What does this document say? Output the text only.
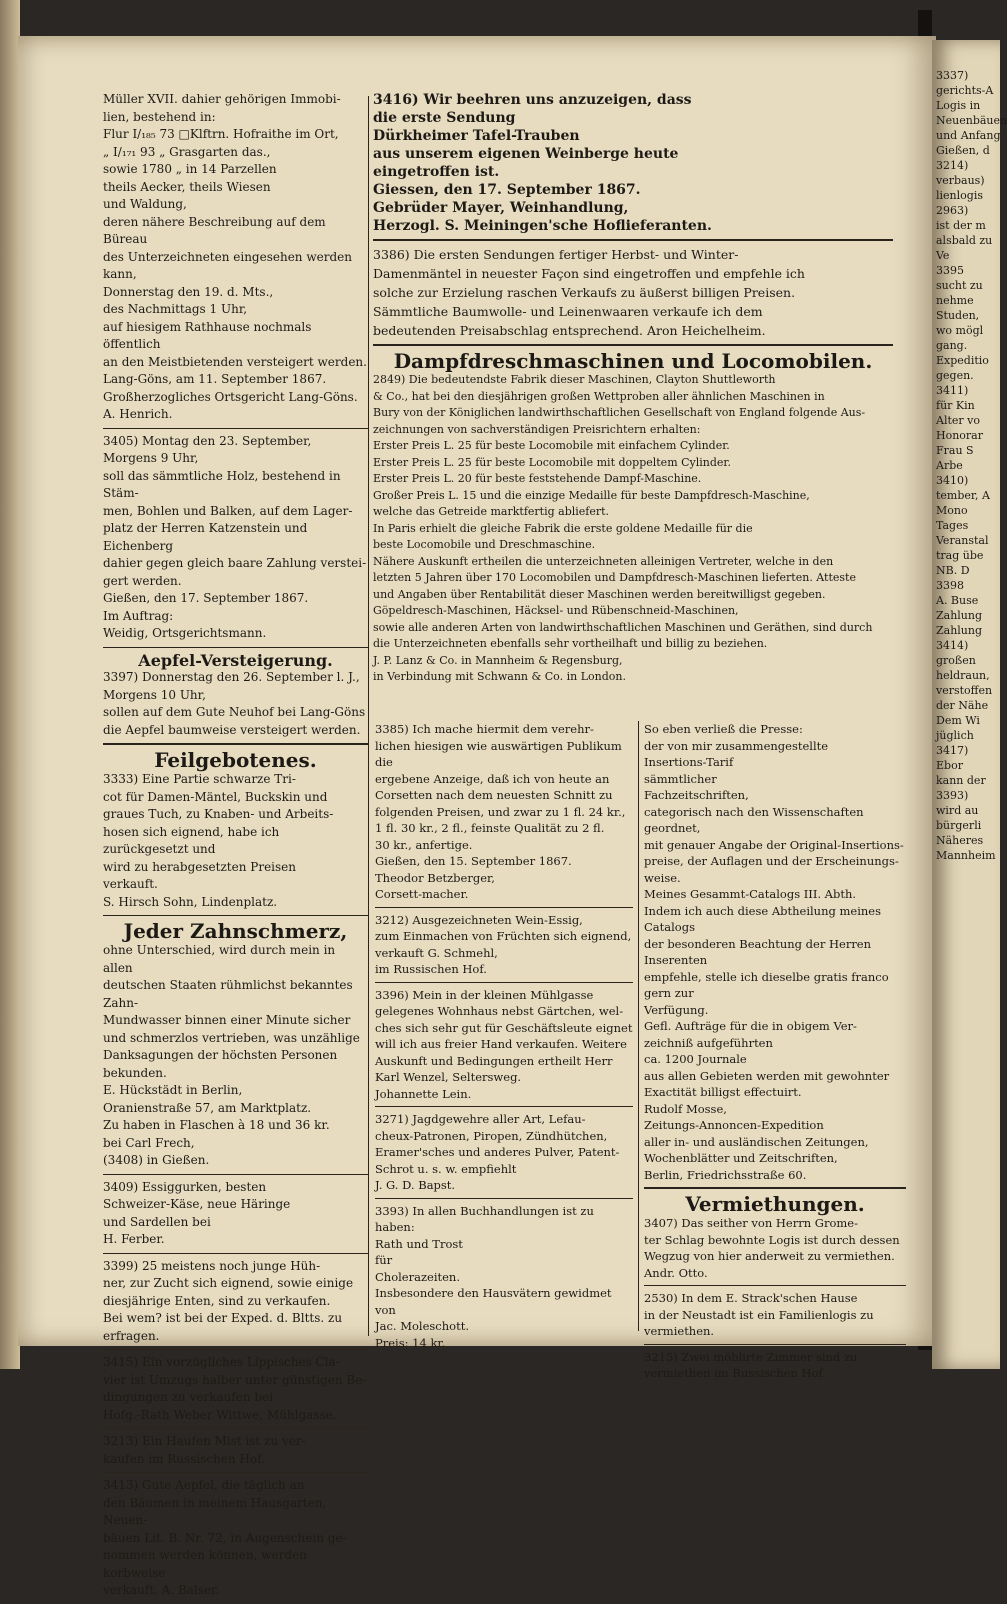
Müller XVII. dahier gehörigen Immobi-
lien, bestehend in:
Flur I/₁₈₅ 73 □Klftrn. Hofraithe im Ort,
„ I/₁₇₁ 93 „ Grasgarten das.,
sowie 1780 „ in 14 Parzellen
theils Aecker, theils Wiesen
und Waldung,
deren nähere Beschreibung auf dem Büreau
des Unterzeichneten eingesehen werden kann,
Donnerstag den 19. d. Mts.,
des Nachmittags 1 Uhr,
auf hiesigem Rathhause nochmals öffentlich
an den Meistbietenden versteigert werden.
Lang-Göns, am 11. September 1867.
Großherzogliches Ortsgericht Lang-Göns.
A. Henrich.
3405) Montag den 23. September,
Morgens 9 Uhr,
soll das sämmtliche Holz, bestehend in Stäm-
men, Bohlen und Balken, auf dem Lager-
platz der Herren Katzenstein und Eichenberg
dahier gegen gleich baare Zahlung verstei-
gert werden.
Gießen, den 17. September 1867.
Im Auftrag:
Weidig, Ortsgerichtsmann.

Aepfel-Versteigerung.

3397) Donnerstag den 26. September l. J.,
Morgens 10 Uhr,
sollen auf dem Gute Neuhof bei Lang-Göns
die Aepfel baumweise versteigert werden.

Feilgebotenes.

3333) Eine Partie schwarze Tri-
cot für Damen-Mäntel, Buckskin und
graues Tuch, zu Knaben- und Arbeits-
hosen sich eignend, habe ich zurückgesetzt und
wird zu herabgesetzten Preisen
verkauft.
S. Hirsch Sohn, Lindenplatz.

Jeder Zahnschmerz,

ohne Unterschied, wird durch mein in allen
deutschen Staaten rühmlichst bekanntes Zahn-
Mundwasser binnen einer Minute sicher
und schmerzlos vertrieben, was unzählige
Danksagungen der höchsten Personen bekunden.
E. Hückstädt in Berlin,
Oranienstraße 57, am Marktplatz.
Zu haben in Flaschen à 18 und 36 kr.
bei Carl Frech,
(3408) in Gießen.
3409) Essiggurken, besten
Schweizer-Käse, neue Häringe
und Sardellen bei
H. Ferber.
3399) 25 meistens noch junge Hüh-
ner, zur Zucht sich eignend, sowie einige
diesjährige Enten, sind zu verkaufen.
Bei wem? ist bei der Exped. d. Bltts. zu
erfragen.
3415) Ein vorzügliches Lippisches Cla-
vier ist Umzugs halber unter günstigen Be-
dingungen zu verkaufen bei
Hofg.-Rath Weber Wittwe, Mühlgasse.
3213) Ein Haufen Mist ist zu ver-
kaufen im Russischen Hof.
3413) Gute Aepfel, die täglich an
den Bäumen in meinem Hausgarten, Neuen-
bäuen Lit. B. Nr. 72, in Augenschein ge-
nommen werden können, werden korbweise
verkauft. A. Balser.
3416) Wir beehren uns anzuzeigen, dass
die erste Sendung
Dürkheimer Tafel-Trauben
aus unserem eigenen Weinberge heute
eingetroffen ist.
Giessen, den 17. September 1867.
Gebrüder Mayer, Weinhandlung,
Herzogl. S. Meiningen'sche Hoflieferanten.
3386) Die ersten Sendungen fertiger Herbst- und Winter-
Damenmäntel in neuester Façon sind eingetroffen und empfehle ich
solche zur Erzielung raschen Verkaufs zu äußerst billigen Preisen.
Sämmtliche Baumwolle- und Leinenwaaren verkaufe ich dem
bedeutenden Preisabschlag entsprechend. Aron Heichelheim.

Dampfdreschmaschinen und Locomobilen.

2849) Die bedeutendste Fabrik dieser Maschinen, Clayton Shuttleworth
& Co., hat bei den diesjährigen großen Wettproben aller ähnlichen Maschinen in
Bury von der Königlichen landwirthschaftlichen Gesellschaft von England folgende Aus-
zeichnungen von sachverständigen Preisrichtern erhalten:
Erster Preis L. 25 für beste Locomobile mit einfachem Cylinder.
Erster Preis L. 25 für beste Locomobile mit doppeltem Cylinder.
Erster Preis L. 20 für beste feststehende Dampf-Maschine.
Großer Preis L. 15 und die einzige Medaille für beste Dampfdresch-Maschine,
welche das Getreide marktfertig abliefert.
In Paris erhielt die gleiche Fabrik die erste goldene Medaille für die
beste Locomobile und Dreschmaschine.
Nähere Auskunft ertheilen die unterzeichneten alleinigen Vertreter, welche in den
letzten 5 Jahren über 170 Locomobilen und Dampfdresch-Maschinen lieferten. Atteste
und Angaben über Rentabilität dieser Maschinen werden bereitwilligst gegeben.
Göpeldresch-Maschinen, Häcksel- und Rübenschneid-Maschinen,
sowie alle anderen Arten von landwirthschaftlichen Maschinen und Geräthen, sind durch
die Unterzeichneten ebenfalls sehr vortheilhaft und billig zu beziehen.
J. P. Lanz & Co. in Mannheim & Regensburg,
in Verbindung mit Schwann & Co. in London.
3385) Ich mache hiermit dem verehr-
lichen hiesigen wie auswärtigen Publikum die
ergebene Anzeige, daß ich von heute an
Corsetten nach dem neuesten Schnitt zu
folgenden Preisen, und zwar zu 1 fl. 24 kr.,
1 fl. 30 kr., 2 fl., feinste Qualität zu 2 fl.
30 kr., anfertige.
Gießen, den 15. September 1867.
Theodor Betzberger,
Corsett-macher.
3212) Ausgezeichneten Wein-Essig,
zum Einmachen von Früchten sich eignend,
verkauft G. Schmehl,
im Russischen Hof.
3396) Mein in der kleinen Mühlgasse
gelegenes Wohnhaus nebst Gärtchen, wel-
ches sich sehr gut für Geschäftsleute eignet
will ich aus freier Hand verkaufen. Weitere
Auskunft und Bedingungen ertheilt Herr
Karl Wenzel, Seltersweg.
Johannette Lein.
3271) Jagdgewehre aller Art, Lefau-
cheux-Patronen, Piropen, Zündhütchen,
Eramer'sches und anderes Pulver, Patent-
Schrot u. s. w. empfiehlt
J. G. D. Bapst.
3393) In allen Buchhandlungen ist zu
haben:
Rath und Trost
für
Cholerazeiten.
Insbesondere den Hausvätern gewidmet
von
Jac. Moleschott.
Preis: 14 kr.
So eben verließ die Presse:
der von mir zusammengestellte
Insertions-Tarif
sämmtlicher
Fachzeitschriften,
categorisch nach den Wissenschaften geordnet,
mit genauer Angabe der Original-Insertions-
preise, der Auflagen und der Erscheinungs-
weise.
Meines Gesammt-Catalogs III. Abth.
Indem ich auch diese Abtheilung meines Catalogs
der besonderen Beachtung der Herren Inserenten
empfehle, stelle ich dieselbe gratis franco gern zur
Verfügung.
Gefl. Aufträge für die in obigem Ver-
zeichniß aufgeführten
ca. 1200 Journale
aus allen Gebieten werden mit gewohnter
Exactität billigst effectuirt.
Rudolf Mosse,
Zeitungs-Annoncen-Expedition
aller in- und ausländischen Zeitungen,
Wochenblätter und Zeitschriften,
Berlin, Friedrichsstraße 60.

Vermiethungen.

3407) Das seither von Herrn Grome-
ter Schlag bewohnte Logis ist durch dessen
Wegzug von hier anderweit zu vermiethen.
Andr. Otto.
2530) In dem E. Strack'schen Hause
in der Neustadt ist ein Familienlogis zu
vermiethen.
3215) Zwei möblirte Zimmer sind zu
vermiethen im Russischen Hof.
3337)
gerichts-A
Logis in
Neuenbäuen
und Anfang
Gießen, d
3214)
verbaus)
lienlogis
2963)
ist der m
alsbald zu
Ve
3395
sucht zu
nehme
Studen,
wo mögl
gang.
Expeditio
gegen.
3411)
für Kin
Alter vo
Honorar
Frau S
Arbe
3410)
tember, A
Mono
Tages
Veranstal
trag übe
NB. D
3398
A. Buse
Zahlung
Zahlung
3414)
großen
heldraun,
verstoffen
der Nähe
Dem Wi
jüglich
3417)
Ebor
kann der
3393)
wird au
bürgerli
Näheres
Mannheim
